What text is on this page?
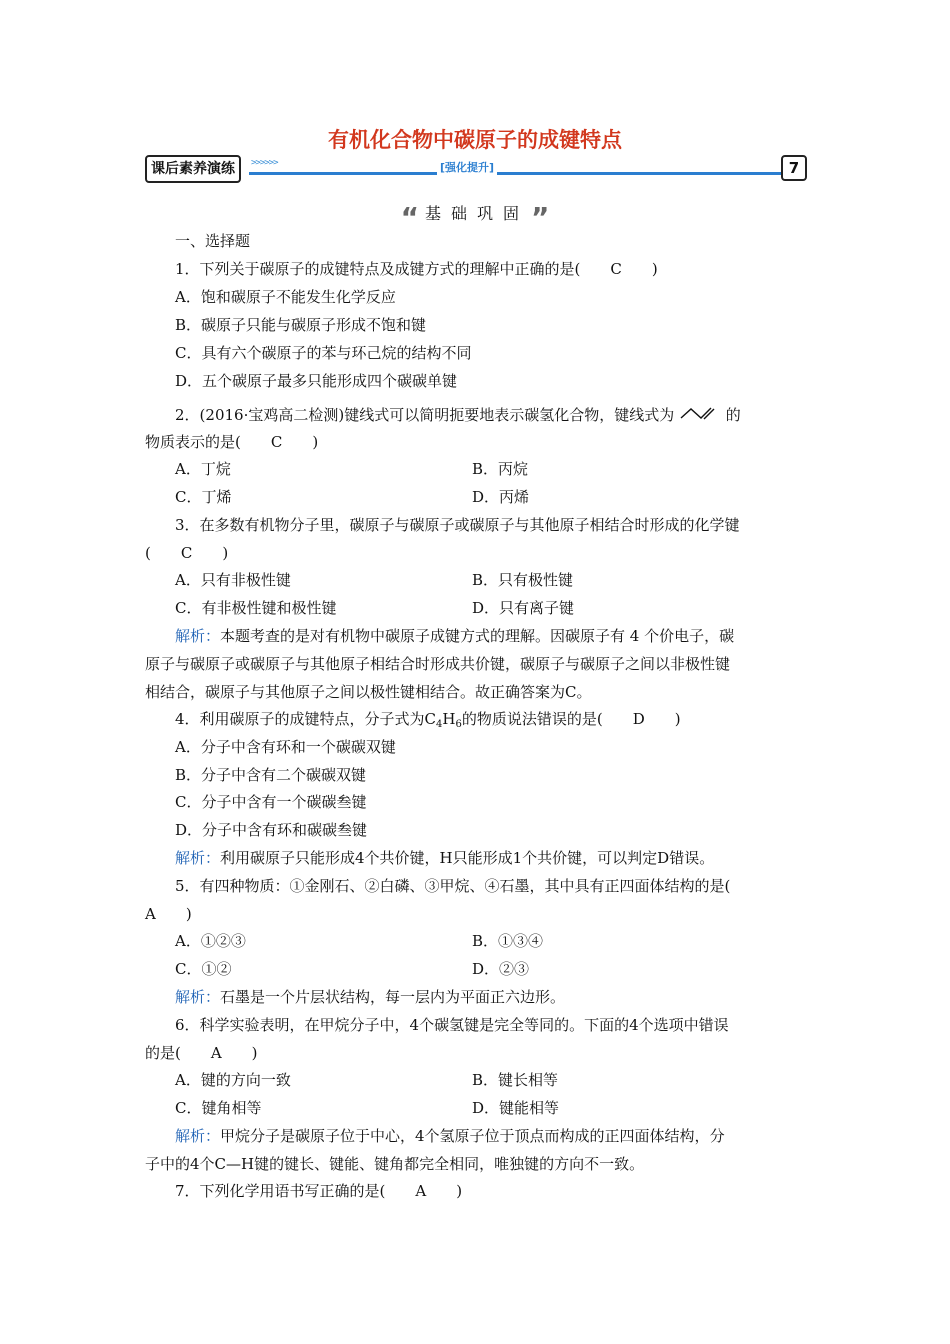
有机化合物中碳原子的成键特点
课后素养演练	>>>>>>	[强化提升]	7
“ 基础巩固”
一、选择题
1．下列关于碳原子的成键特点及成键方式的理解中正确的是(　　C　　)
A．饱和碳原子不能发生化学反应
B．碳原子只能与碳原子形成不饱和键
C．具有六个碳原子的苯与环己烷的结构不同
D．五个碳原子最多只能形成四个碳碳单键
2．(2016·宝鸡高二检测)键线式可以简明扼要地表示碳氢化合物，键线式为	的
物质表示的是(　　C　　)
A．丁烷	B．丙烷
C．丁烯	D．丙烯
3．在多数有机物分子里，碳原子与碳原子或碳原子与其他原子相结合时形成的化学键
(　　C　　)
A．只有非极性键	B．只有极性键
C．有非极性键和极性键	D．只有离子键
解析：本题考查的是对有机物中碳原子成键方式的理解。因碳原子有 4 个价电子，碳
原子与碳原子或碳原子与其他原子相结合时形成共价键，碳原子与碳原子之间以非极性键
相结合，碳原子与其他原子之间以极性键相结合。故正确答案为C。
4．利用碳原子的成键特点，分子式为$C_4H_6$的物质说法错误的是(　　D　　)
A．分子中含有环和一个碳碳双键
B．分子中含有二个碳碳双键
C．分子中含有一个碳碳叁键
D．分子中含有环和碳碳叁键
解析：利用碳原子只能形成4个共价键，H只能形成1个共价键，可以判定D错误。
5．有四种物质：①金刚石、②白磷、③甲烷、④石墨，其中具有正四面体结构的是(
A　　)
A．①②③	B．①③④
C．①②	D．②③
解析：石墨是一个片层状结构，每一层内为平面正六边形。
6．科学实验表明，在甲烷分子中，4个碳氢键是完全等同的。下面的4个选项中错误
的是(　　A　　)
A．键的方向一致	B．键长相等
C．键角相等	D．键能相等
解析：甲烷分子是碳原子位于中心，4个氢原子位于顶点而构成的正四面体结构，分
子中的4个C—H键的键长、键能、键角都完全相同，唯独键的方向不一致。
7．下列化学用语书写正确的是(　　A　　)
